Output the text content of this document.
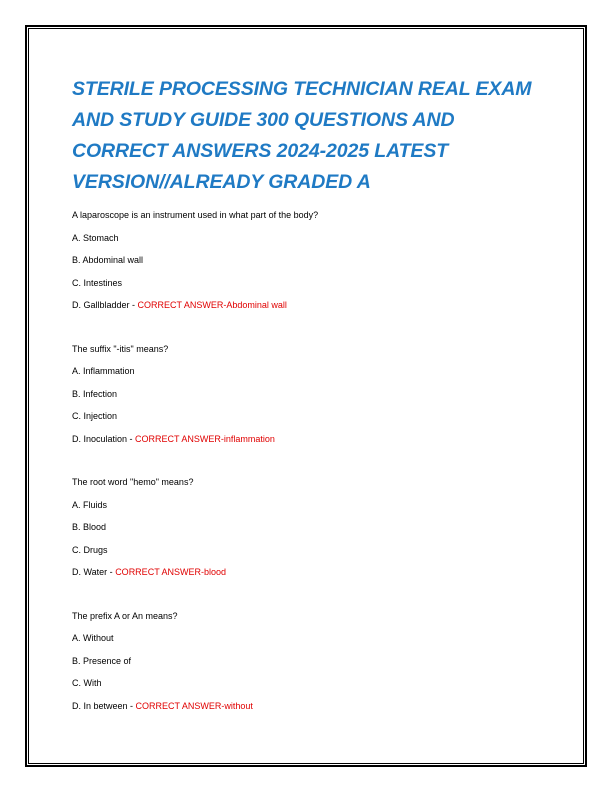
STERILE PROCESSING TECHNICIAN REAL EXAM AND STUDY GUIDE 300 QUESTIONS AND CORRECT ANSWERS 2024-2025 LATEST VERSION//ALREADY GRADED A
A laparoscope is an instrument used in what part of the body?
A. Stomach
B. Abdominal wall
C. Intestines
D. Gallbladder - CORRECT ANSWER-Abdominal wall
The suffix "-itis" means?
A. Inflammation
B. Infection
C. Injection
D. Inoculation - CORRECT ANSWER-inflammation
The root word "hemo" means?
A. Fluids
B. Blood
C. Drugs
D. Water - CORRECT ANSWER-blood
The prefix A or An means?
A. Without
B. Presence of
C. With
D. In between - CORRECT ANSWER-without
